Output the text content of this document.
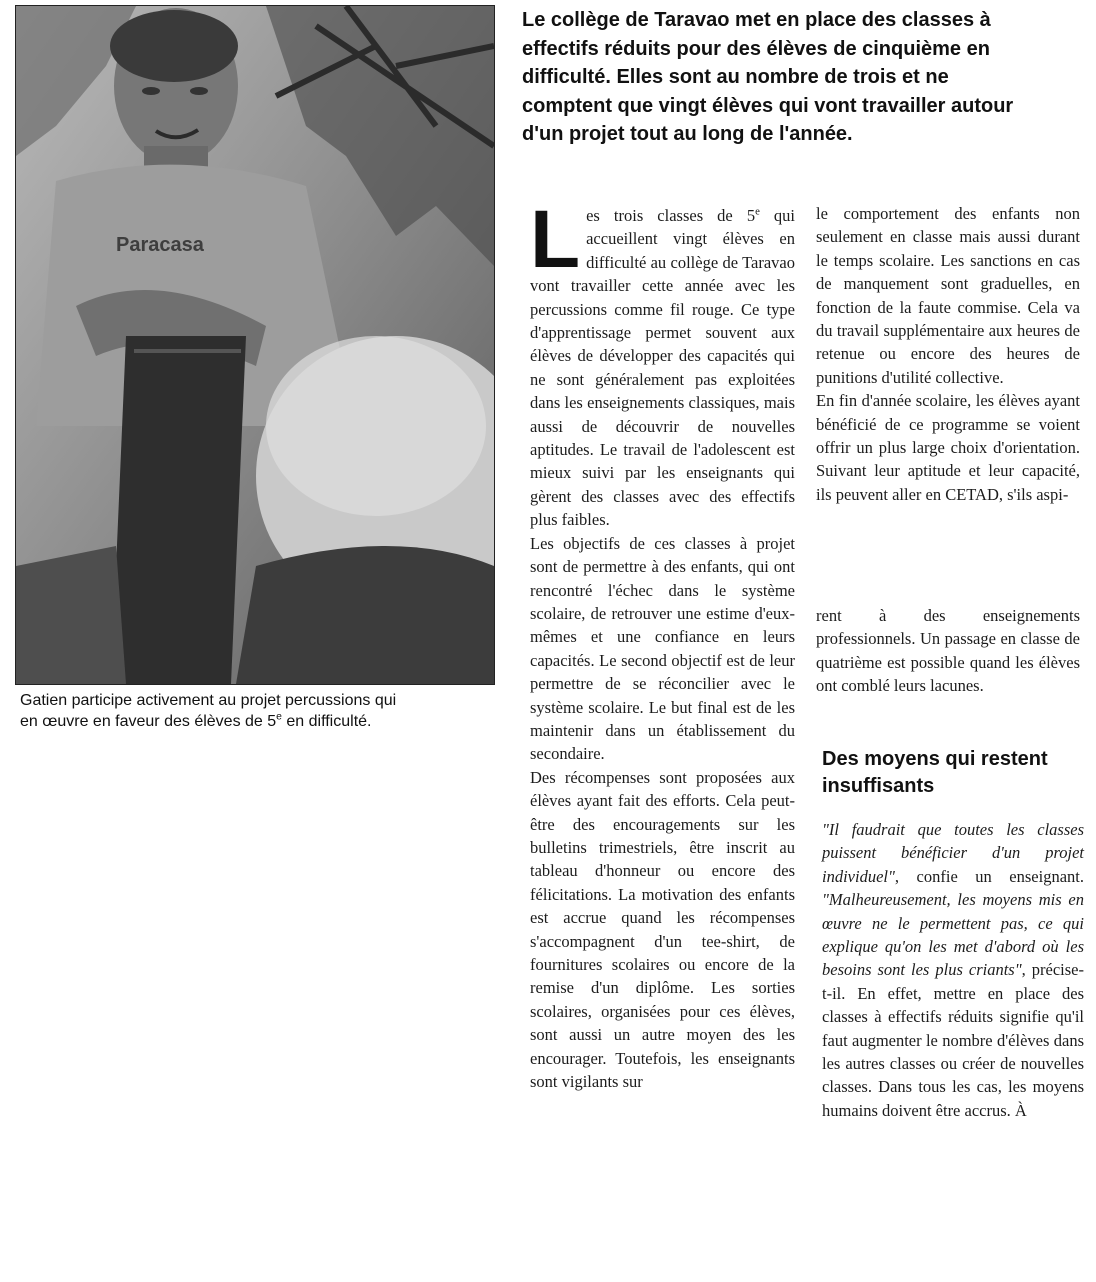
Paracasa
Gatien participe activement au projet percussions qui
en œuvre en faveur des élèves de 5e en difficulté.
Le collège de Taravao met en place des classes à effectifs réduits pour des élèves de cinquième en difficulté. Elles sont au nombre de trois et ne comptent que vingt élèves qui vont travailler autour d'un projet tout au long de l'année.

Les trois classes de 5e qui accueillent vingt élèves en difficulté au collège de Taravao vont travailler cette année avec les percussions comme fil rouge. Ce type d'apprentissage permet souvent aux élèves de développer des capacités qui ne sont généralement pas exploitées dans les enseignements classiques, mais aussi de découvrir de nouvelles aptitudes. Le travail de l'adolescent est mieux suivi par les enseignants qui gèrent des classes avec des effectifs plus faibles.

Les objectifs de ces classes à projet sont de permettre à des enfants, qui ont rencontré l'échec dans le système scolaire, de retrouver une estime d'eux-mêmes et une confiance en leurs capacités. Le second objectif est de leur permettre de se réconcilier avec le système scolaire. Le but final est de les maintenir dans un établissement du secondaire.

Des récompenses sont proposées aux élèves ayant fait des efforts. Cela peut-être des encouragements sur les bulletins trimestriels, être inscrit au tableau d'honneur ou encore des félicitations. La motivation des enfants est accrue quand les récompenses s'accompagnent d'un tee-shirt, de fournitures scolaires ou encore de la remise d'un diplôme. Les sorties scolaires, organisées pour ces élèves, sont aussi un autre moyen des les encourager. Toutefois, les enseignants sont vigilants sur

le comportement des enfants non seulement en classe mais aussi durant le temps scolaire. Les sanctions en cas de manquement sont graduelles, en fonction de la faute commise. Cela va du travail supplémentaire aux heures de retenue ou encore des heures de punitions d'utilité collective.

En fin d'année scolaire, les élèves ayant bénéficié de ce programme se voient offrir un plus large choix d'orientation. Suivant leur aptitude et leur capacité, ils peuvent aller en CETAD, s'ils aspi-

rent à des enseignements professionnels. Un passage en classe de quatrième est possible quand les élèves ont comblé leurs lacunes.

Des moyens qui restent insuffisants

"Il faudrait que toutes les classes puissent bénéficier d'un projet individuel", confie un enseignant. "Malheureusement, les moyens mis en œuvre ne le permettent pas, ce qui explique qu'on les met d'abord où les besoins sont les plus criants", précise-t-il. En effet, mettre en place des classes à effectifs réduits signifie qu'il faut augmenter le nombre d'élèves dans les autres classes ou créer de nouvelles classes. Dans tous les cas, les moyens humains doivent être accrus. À
